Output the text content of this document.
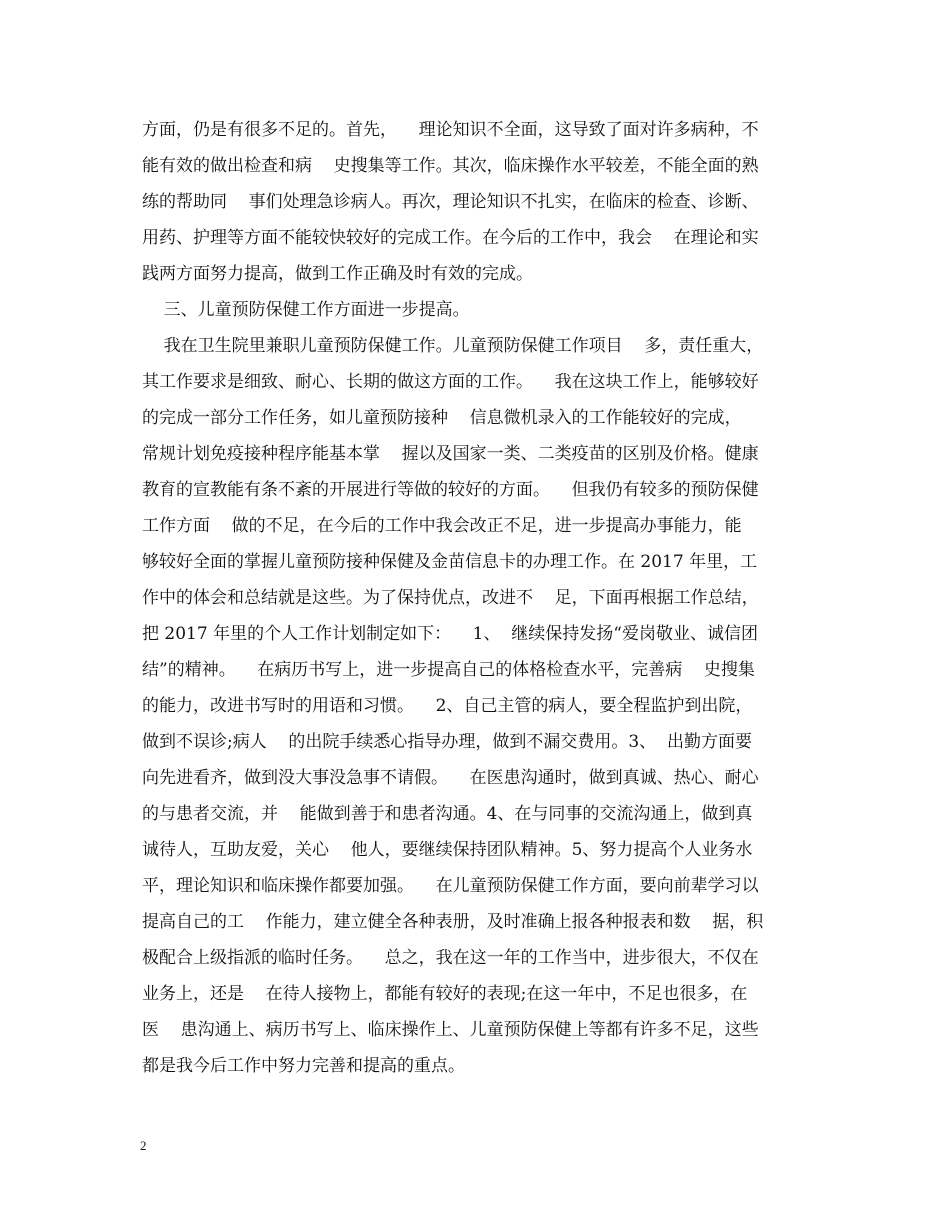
方面，仍是有很多不足的。首先，    理论知识不全面，这导致了面对许多病种，不
能有效的做出检查和病    史搜集等工作。其次，临床操作水平较差，不能全面的熟
练的帮助同    事们处理急诊病人。再次，理论知识不扎实，在临床的检查、诊断、
用药、护理等方面不能较快较好的完成工作。在今后的工作中，我会    在理论和实
践两方面努力提高，做到工作正确及时有效的完成。
三、儿童预防保健工作方面进一步提高。
我在卫生院里兼职儿童预防保健工作。儿童预防保健工作项目    多，责任重大，
其工作要求是细致、耐心、长期的做这方面的工作。    我在这块工作上，能够较好
的完成一部分工作任务，如儿童预防接种    信息微机录入的工作能较好的完成，
常规计划免疫接种程序能基本掌    握以及国家一类、二类疫苗的区别及价格。健康
教育的宣教能有条不紊的开展进行等做的较好的方面。    但我仍有较多的预防保健
工作方面    做的不足，在今后的工作中我会改正不足，进一步提高办事能力，能
够较好全面的掌握儿童预防接种保健及金苗信息卡的办理工作。在 2017 年里，工
作中的体会和总结就是这些。为了保持优点，改进不    足，下面再根据工作总结，
把 2017 年里的个人工作计划制定如下：    1、  继续保持发扬“爱岗敬业、诚信团
结”的精神。    在病历书写上，进一步提高自己的体格检查水平，完善病    史搜集
的能力，改进书写时的用语和习惯。    2、自己主管的病人，要全程监护到出院，
做到不误诊;病人    的出院手续悉心指导办理，做到不漏交费用。3、  出勤方面要
向先进看齐，做到没大事没急事不请假。    在医患沟通时，做到真诚、热心、耐心
的与患者交流，并    能做到善于和患者沟通。4、在与同事的交流沟通上，做到真
诚待人，互助友爱，关心    他人，要继续保持团队精神。5、努力提高个人业务水
平，理论知识和临床操作都要加强。    在儿童预防保健工作方面，要向前辈学习以
提高自己的工    作能力，建立健全各种表册，及时准确上报各种报表和数    据，积
极配合上级指派的临时任务。    总之，我在这一年的工作当中，进步很大，不仅在
业务上，还是    在待人接物上，都能有较好的表现;在这一年中，不足也很多，在
医    患沟通上、病历书写上、临床操作上、儿童预防保健上等都有许多不足，这些
都是我今后工作中努力完善和提高的重点。
2
